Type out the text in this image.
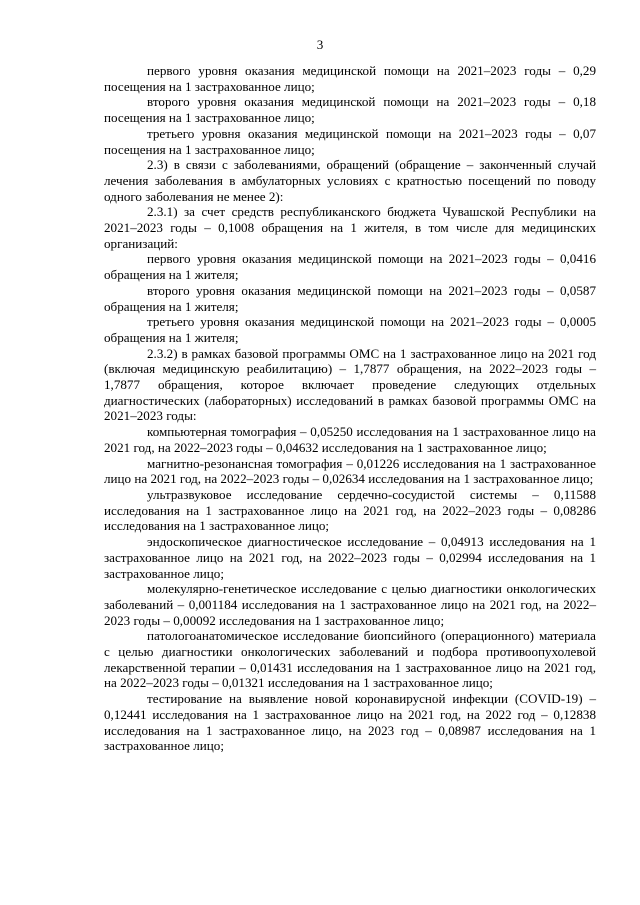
3

первого уровня оказания медицинской помощи на 2021–2023 годы – 0,29 посещения на 1 застрахованное лицо;

второго уровня оказания медицинской помощи на 2021–2023 годы – 0,18 посещения на 1 застрахованное лицо;

третьего уровня оказания медицинской помощи на 2021–2023 годы – 0,07 посещения на 1 застрахованное лицо;

2.3) в связи с заболеваниями, обращений (обращение – законченный случай лечения заболевания в амбулаторных условиях с кратностью посещений по поводу одного заболевания не менее 2):

2.3.1) за счет средств республиканского бюджета Чувашской Республики на 2021–2023 годы – 0,1008 обращения на 1 жителя, в том числе для медицинских организаций:

первого уровня оказания медицинской помощи на 2021–2023 годы – 0,0416 обращения на 1 жителя;

второго уровня оказания медицинской помощи на 2021–2023 годы – 0,0587 обращения на 1 жителя;

третьего уровня оказания медицинской помощи на 2021–2023 годы – 0,0005 обращения на 1 жителя;

2.3.2) в рамках базовой программы ОМС на 1 застрахованное лицо на 2021 год (включая медицинскую реабилитацию) – 1,7877 обращения, на 2022–2023 годы – 1,7877 обращения, которое включает проведение следующих отдельных диагностических (лабораторных) исследований в рамках базовой программы ОМС на 2021–2023 годы:

компьютерная томография – 0,05250 исследования на 1 застрахованное лицо на 2021 год, на 2022–2023 годы – 0,04632 исследования на 1 застрахованное лицо;

магнитно-резонансная томография – 0,01226 исследования на 1 застрахованное лицо на 2021 год, на 2022–2023 годы – 0,02634 исследования на 1 застрахованное лицо;

ультразвуковое исследование сердечно-сосудистой системы – 0,11588 исследования на 1 застрахованное лицо на 2021 год, на 2022–2023 годы – 0,08286 исследования на 1 застрахованное лицо;

эндоскопическое диагностическое исследование – 0,04913 исследования на 1 застрахованное лицо на 2021 год, на 2022–2023 годы – 0,02994 исследования на 1 застрахованное лицо;

молекулярно-генетическое исследование с целью диагностики онкологических заболеваний – 0,001184 исследования на 1 застрахованное лицо на 2021 год, на 2022–2023 годы – 0,00092 исследования на 1 застрахованное лицо;

патологоанатомическое исследование биопсийного (операционного) материала с целью диагностики онкологических заболеваний и подбора противоопухолевой лекарственной терапии – 0,01431 исследования на 1 застрахованное лицо на 2021 год, на 2022–2023 годы – 0,01321 исследования на 1 застрахованное лицо;

тестирование на выявление новой коронавирусной инфекции (COVID-19) – 0,12441 исследования на 1 застрахованное лицо на 2021 год, на 2022 год – 0,12838 исследования на 1 застрахованное лицо, на 2023 год – 0,08987 исследования на 1 застрахованное лицо;
